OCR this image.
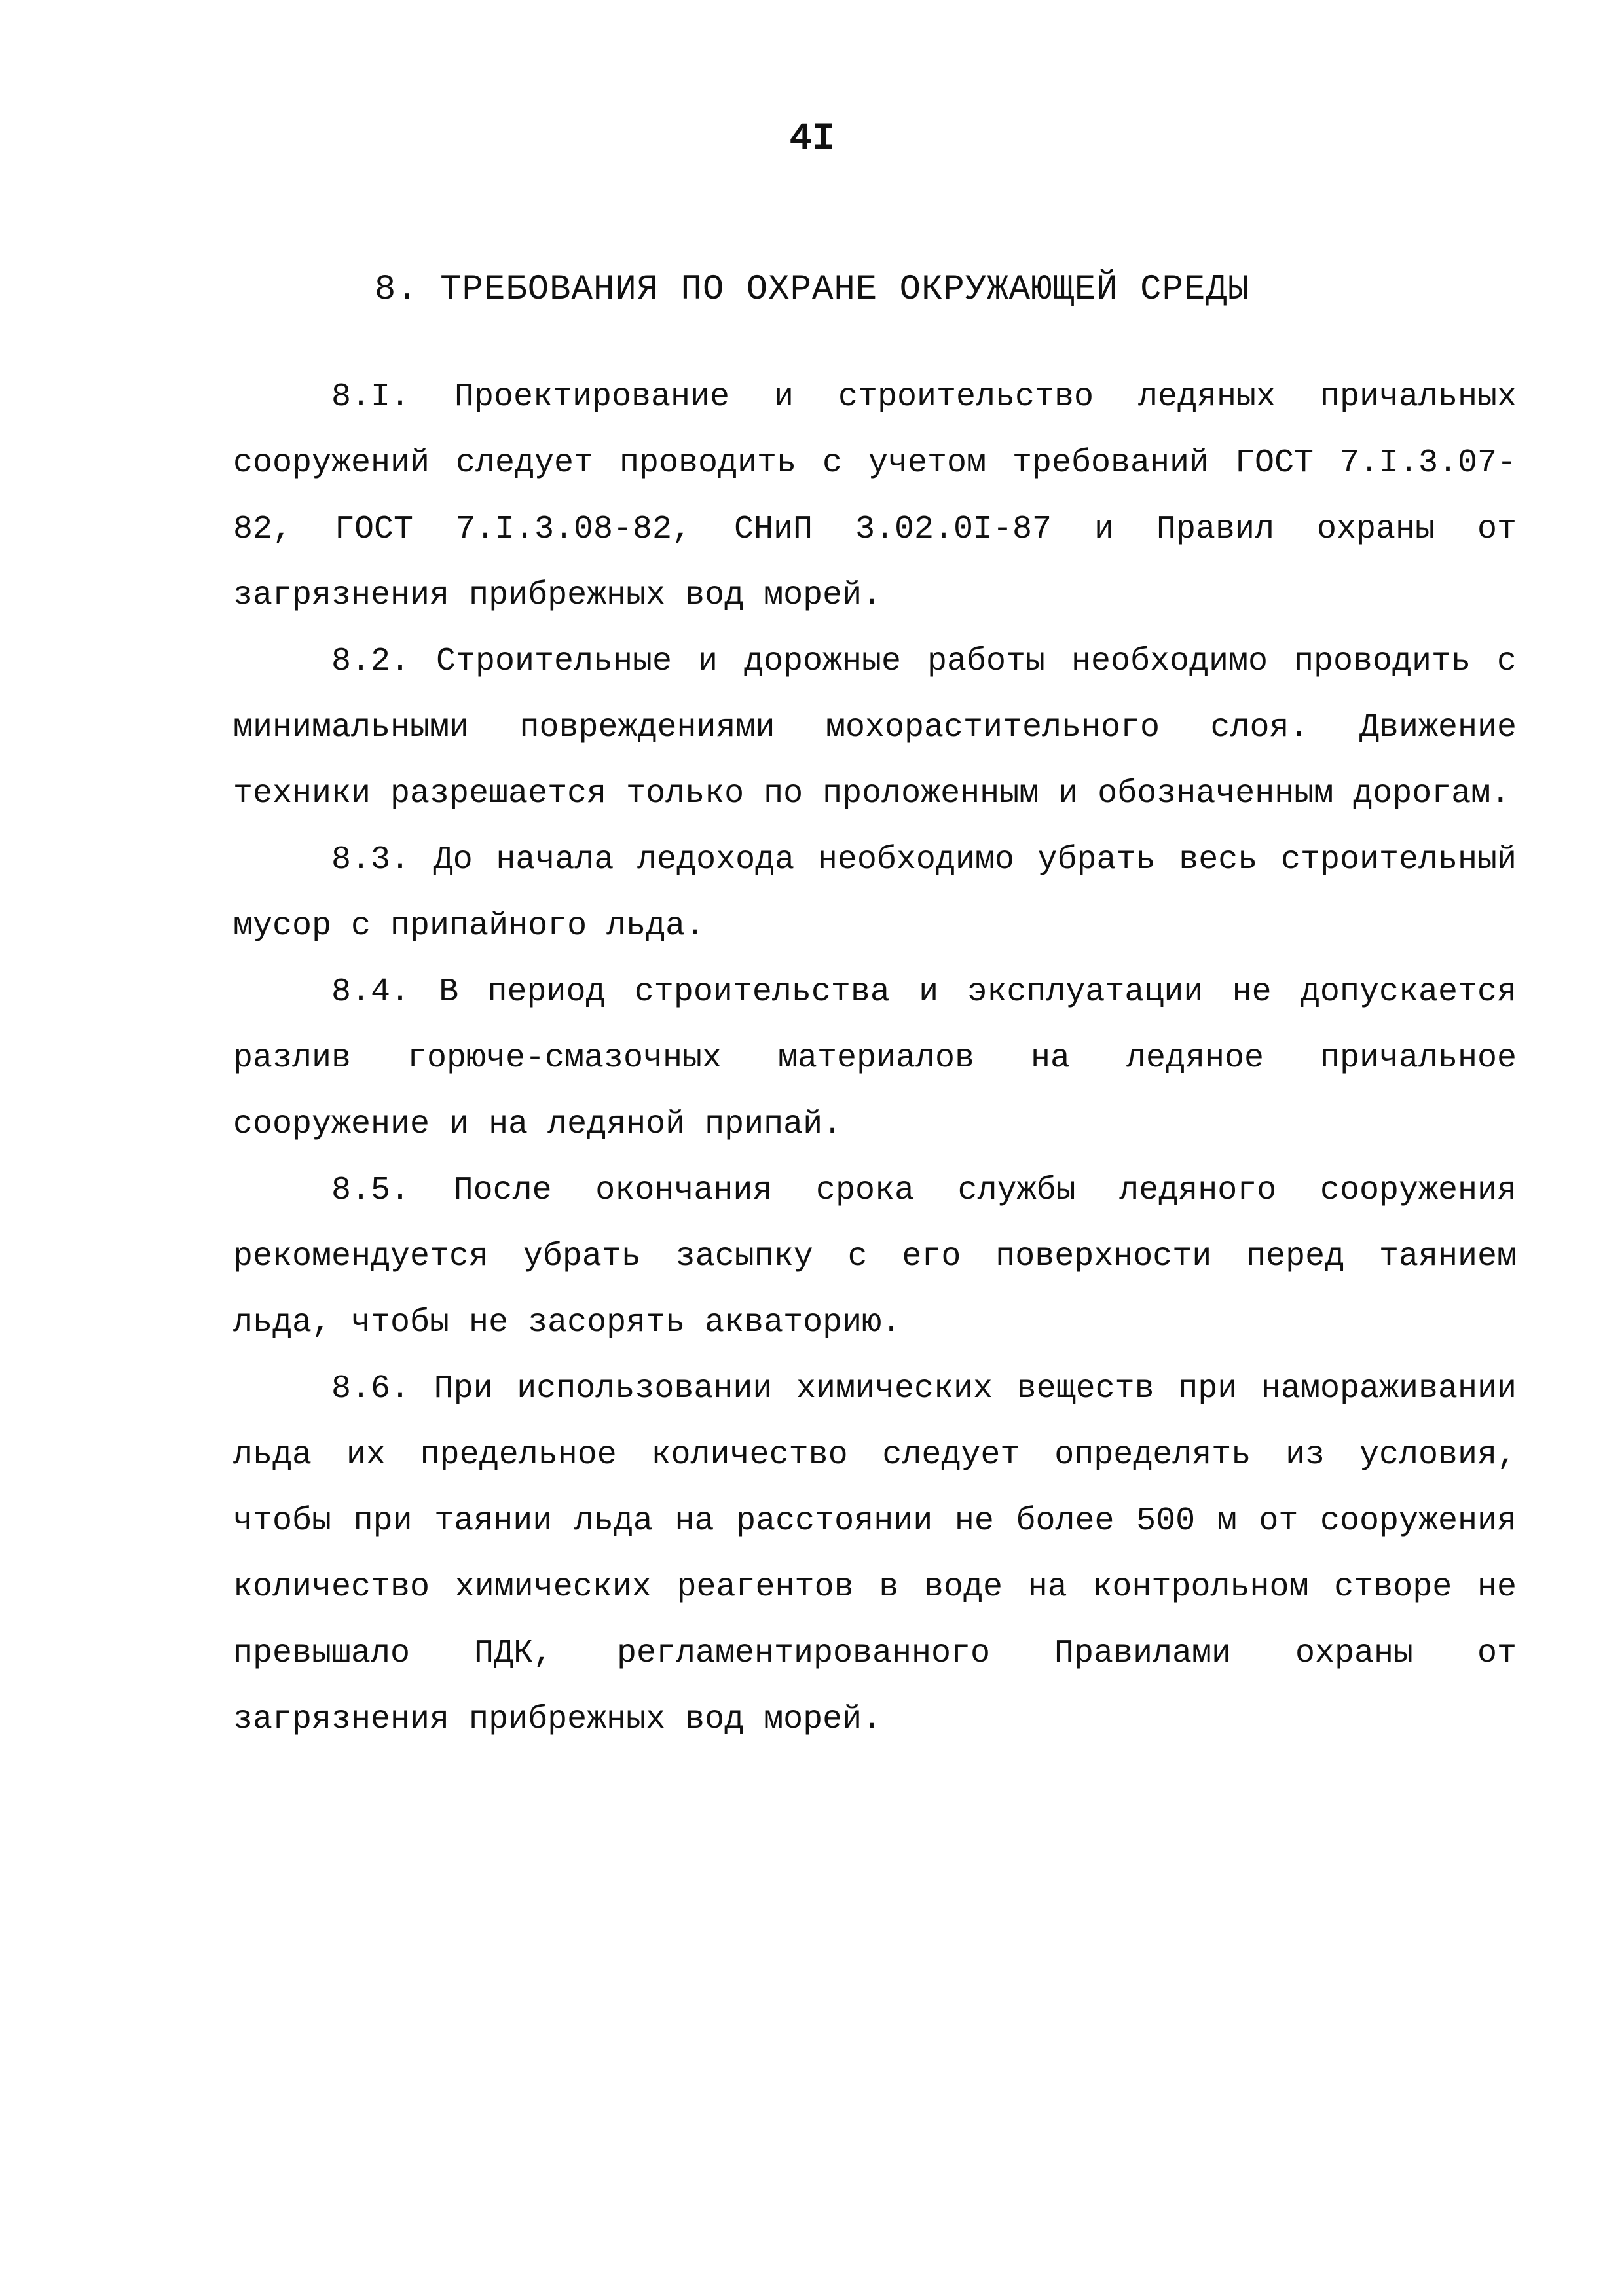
4I
8. ТРЕБОВАНИЯ ПО ОХРАНЕ ОКРУЖАЮЩЕЙ СРЕДЫ

8.I. Проектирование и строительство ледяных причальных сооружений следует проводить с учетом требований ГОСТ 7.I.3.07-82, ГОСТ 7.I.3.08-82, СНиП 3.02.0I-87 и Правил охраны от загрязнения прибрежных вод морей.

8.2. Строительные и дорожные работы необходимо проводить с минимальными повреждениями мохорастительного слоя. Движение техники разрешается только по проложенным и обозначенным дорогам.

8.3. До начала ледохода необходимо убрать весь строительный мусор с припайного льда.

8.4. В период строительства и эксплуатации не допускается разлив горюче-смазочных материалов на ледяное причальное сооружение и на ледяной припай.

8.5. После окончания срока службы ледяного сооружения рекомендуется убрать засыпку с его поверхности перед таянием льда, чтобы не засорять акваторию.

8.6. При использовании химических веществ при намораживании льда их предельное количество следует определять из условия, чтобы при таянии льда на расстоянии не более 500 м от сооружения количество химических реагентов в воде на контрольном створе не превышало ПДК, регламентированного Правилами охраны от загрязнения прибрежных вод морей.
